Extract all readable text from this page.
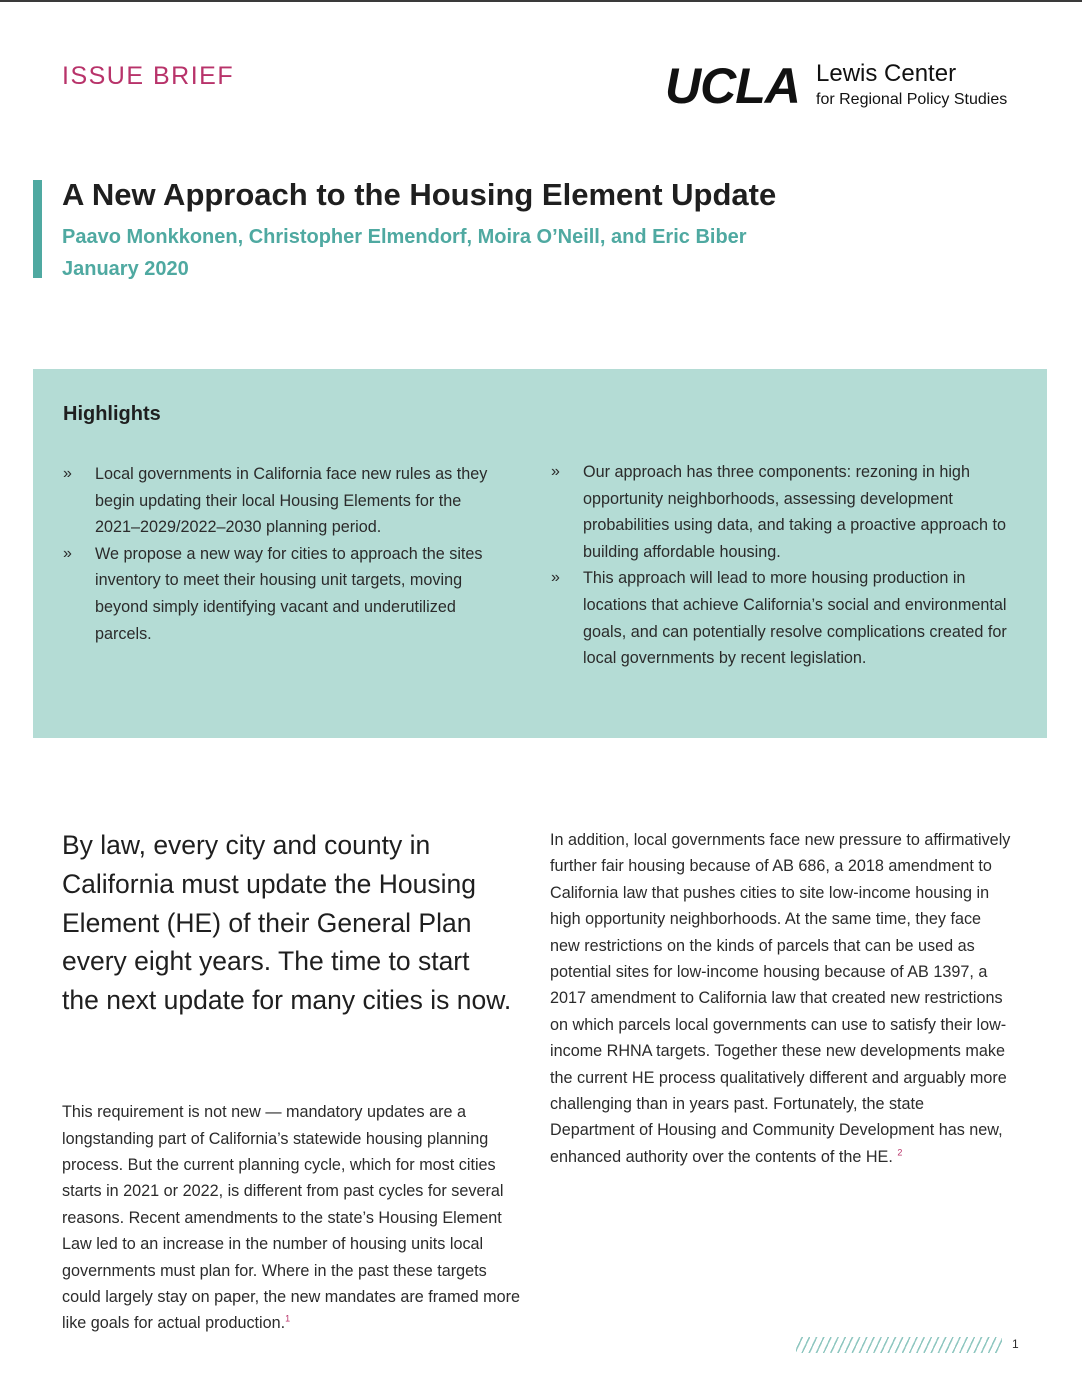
ISSUE BRIEF	UCLA Lewis Center
for Regional Policy Studies
A New Approach to the Housing Element Update
Paavo Monkkonen, Christopher Elmendorf, Moira O’Neill, and Eric Biber
January 2020
Highlights

» Local governments in California face new rules as they begin updating their local Housing Elements for the 2021–2029/2022–2030 planning period.

» We propose a new way for cities to approach the sites inventory to meet their housing unit targets, moving beyond simply identifying vacant and underutilized parcels.

» Our approach has three components: rezoning in high opportunity neighborhoods, assessing development probabilities using data, and taking a proactive approach to building affordable housing.

» This approach will lead to more housing production in locations that achieve California’s social and environmental goals, and can potentially resolve complications created for local governments by recent legislation.

By law, every city and county in California must update the Housing Element (HE) of their General Plan every eight years. The time to start the next update for many cities is now.

This requirement is not new — mandatory updates are a longstanding part of California’s statewide housing planning process. But the current planning cycle, which for most cities starts in 2021 or 2022, is different from past cycles for several reasons. Recent amendments to the state’s Housing Element Law led to an increase in the number of housing units local governments must plan for. Where in the past these targets could largely stay on paper, the new mandates are framed more like goals for actual production.$^1$

In addition, local governments face new pressure to affirmatively further fair housing because of AB 686, a 2018 amendment to California law that pushes cities to site low-income housing in high opportunity neighborhoods. At the same time, they face new restrictions on the kinds of parcels that can be used as potential sites for low-income housing because of AB 1397, a 2017 amendment to California law that created new restrictions on which parcels local governments can use to satisfy their low-income RHNA targets. Together these new developments make the current HE process qualitatively different and arguably more challenging than in years past. Fortunately, the state Department of Housing and Community Development has new, enhanced authority over the contents of the HE. $^2$

1
